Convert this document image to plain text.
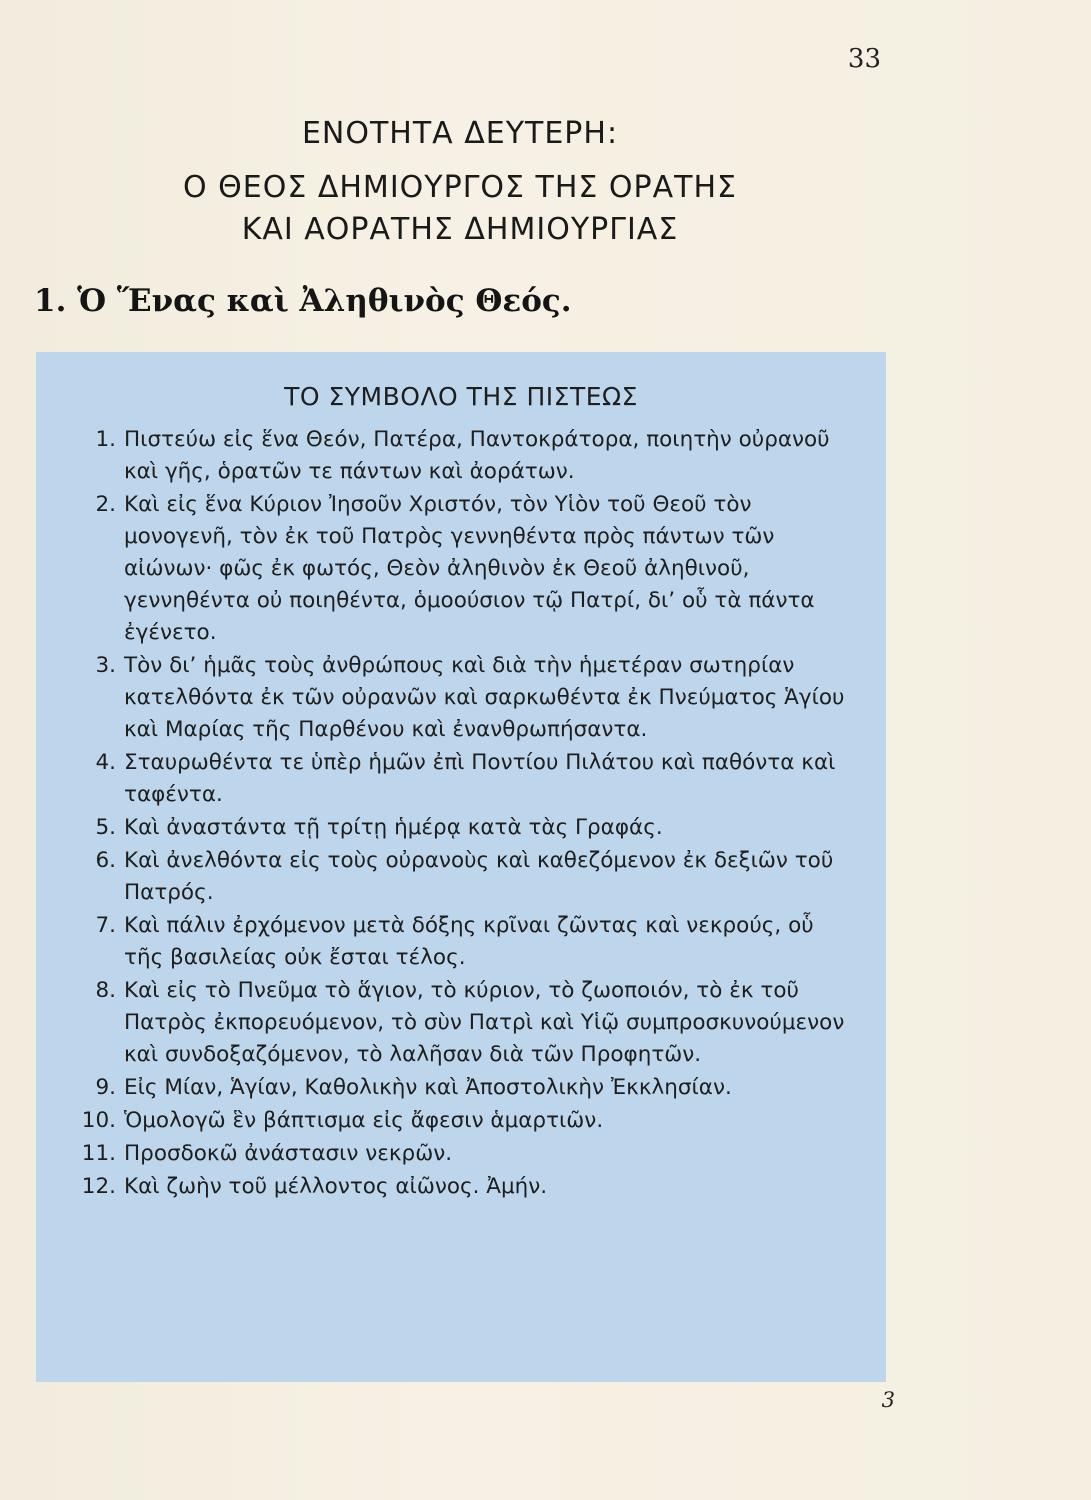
33
ΕΝΟΤΗΤΑ ΔΕΥΤΕΡΗ:
Ο ΘΕΟΣ ΔΗΜΙΟΥΡΓΟΣ ΤΗΣ ΟΡΑΤΗΣ
ΚΑΙ ΑΟΡΑΤΗΣ ΔΗΜΙΟΥΡΓΙΑΣ
1. Ὁ Ἕνας καὶ Ἀληθινὸς Θεός.
ΤΟ ΣΥΜΒΟΛΟ ΤΗΣ ΠΙΣΤΕΩΣ
1. Πιστεύω εἰς ἕνα Θεόν, Πατέρα, Παντοκράτορα, ποιητὴν οὐρανοῦ καὶ γῆς, ὁρατῶν τε πάντων καὶ ἀοράτων.
2. Καὶ εἰς ἕνα Κύριον Ἰησοῦν Χριστόν, τὸν Υἱὸν τοῦ Θεοῦ τὸν μονογενῆ, τὸν ἐκ τοῦ Πατρὸς γεννηθέντα πρὸς πάντων τῶν αἰώνων· φῶς ἐκ φωτός, Θεὸν ἀληθινὸν ἐκ Θεοῦ ἀληθινοῦ, γεννηθέντα οὐ ποιηθέντα, ὁμοούσιον τῷ Πατρί, δι’ οὗ τὰ πάντα ἐγένετο.
3. Τὸν δι’ ἡμᾶς τοὺς ἀνθρώπους καὶ διὰ τὴν ἡμετέραν σωτηρίαν κατελθόντα ἐκ τῶν οὐρανῶν καὶ σαρκωθέντα ἐκ Πνεύματος Ἁγίου καὶ Μαρίας τῆς Παρθένου καὶ ἐνανθρωπήσαντα.
4. Σταυρωθέντα τε ὑπὲρ ἡμῶν ἐπὶ Ποντίου Πιλάτου καὶ παθόντα καὶ ταφέντα.
5. Καὶ ἀναστάντα τῇ τρίτῃ ἡμέρᾳ κατὰ τὰς Γραφάς.
6. Καὶ ἀνελθόντα εἰς τοὺς οὐρανοὺς καὶ καθεζόμενον ἐκ δεξιῶν τοῦ Πατρός.
7. Καὶ πάλιν ἐρχόμενον μετὰ δόξης κρῖναι ζῶντας καὶ νεκρούς, οὗ τῆς βασιλείας οὐκ ἔσται τέλος.
8. Καὶ εἰς τὸ Πνεῦμα τὸ ἅγιον, τὸ κύριον, τὸ ζωοποιόν, τὸ ἐκ τοῦ Πατρὸς ἐκπορευόμενον, τὸ σὺν Πατρὶ καὶ Υἱῷ συμπροσκυνούμενον καὶ συνδοξαζόμενον, τὸ λαλῆσαν διὰ τῶν Προφητῶν.
9. Εἰς Μίαν, Ἁγίαν, Καθολικὴν καὶ Ἀποστολικὴν Ἐκκλησίαν.
10. Ὁμολογῶ ἓν βάπτισμα εἰς ἄφεσιν ἁμαρτιῶν.
11. Προσδοκῶ ἀνάστασιν νεκρῶν.
12. Καὶ ζωὴν τοῦ μέλλοντος αἰῶνος. Ἀμήν.
3
